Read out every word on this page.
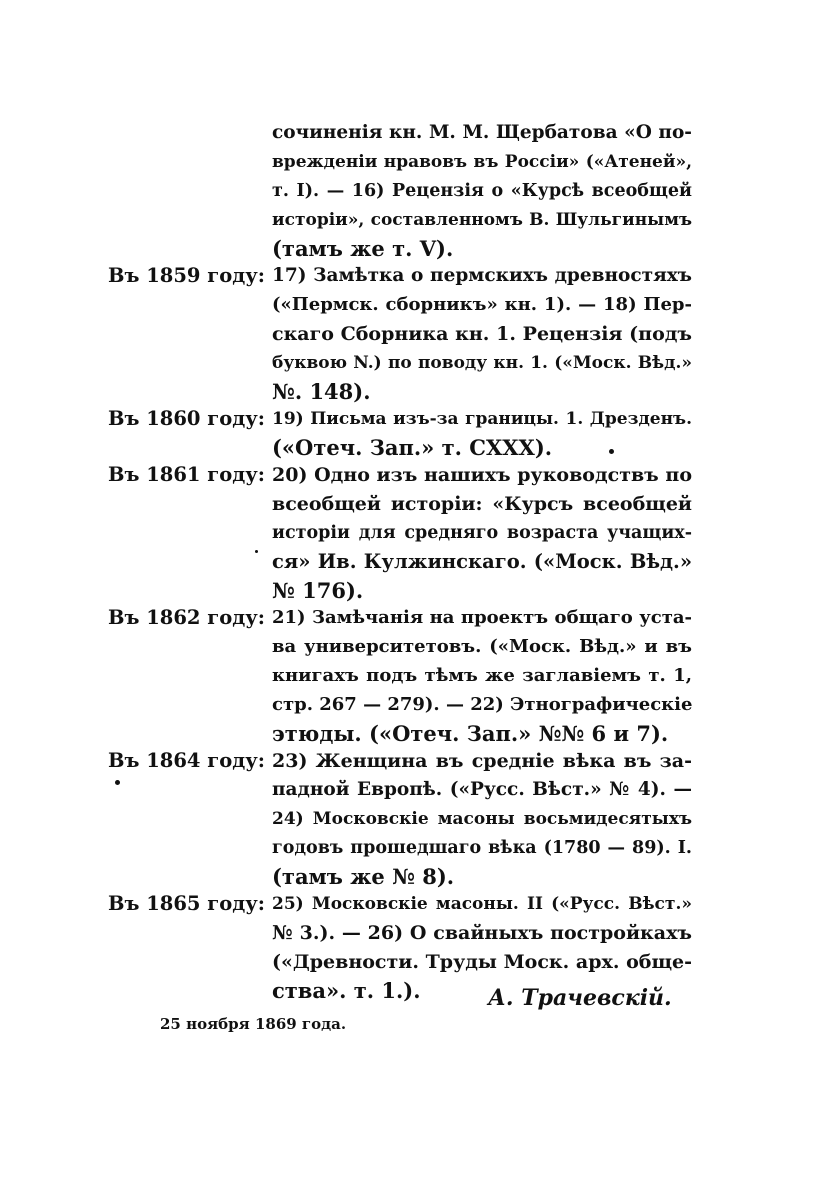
сочиненія кн. М. М. Щербатова «О по-
врежденіи нравовъ въ Россіи» («Атеней»,
т. I). — 16) Рецензія о «Курсѣ всеобщей
исторіи», составленномъ В. Шульгинымъ
(тамъ же т. V).
Въ 1859 году: 17) Замѣтка о пермскихъ древностяхъ
(«Пермск. сборникъ» кн. 1). — 18) Пер-
скаго Сборника кн. 1. Рецензія (подъ
буквою N.) по поводу кн. 1. («Моск. Вѣд.»
№. 148).
Въ 1860 году: 19) Письма изъ-за границы. 1. Дрезденъ.
(«Отеч. Зап.» т. CXXX).
Въ 1861 году: 20) Одно изъ нашихъ руководствъ по
всеобщей исторіи: «Курсъ всеобщей
исторіи для средняго возраста учащих-
ся» Ив. Кулжинскаго. («Моск. Вѣд.»
№ 176).
Въ 1862 году: 21) Замѣчанія на проектъ общаго уста-
ва университетовъ. («Моск. Вѣд.» и въ
книгахъ подъ тѣмъ же заглавіемъ т. 1,
стр. 267 — 279). — 22) Этнографическіе
этюды. («Отеч. Зап.» №№ 6 и 7).
Въ 1864 году: 23) Женщина въ средніе вѣка въ за-
падной Европѣ. («Русс. Вѣст.» № 4). —
24) Московскіе масоны восьмидесятыхъ
годовъ прошедшаго вѣка (1780 — 89). I.
(тамъ же № 8).
Въ 1865 году: 25) Московскіе масоны. II («Русс. Вѣст.»
№ 3.). — 26) О свайныхъ постройкахъ
(«Древности. Труды Моск. арх. обще-
ства». т. 1.).	А. Трачевскій.
25 ноября 1869 года.
